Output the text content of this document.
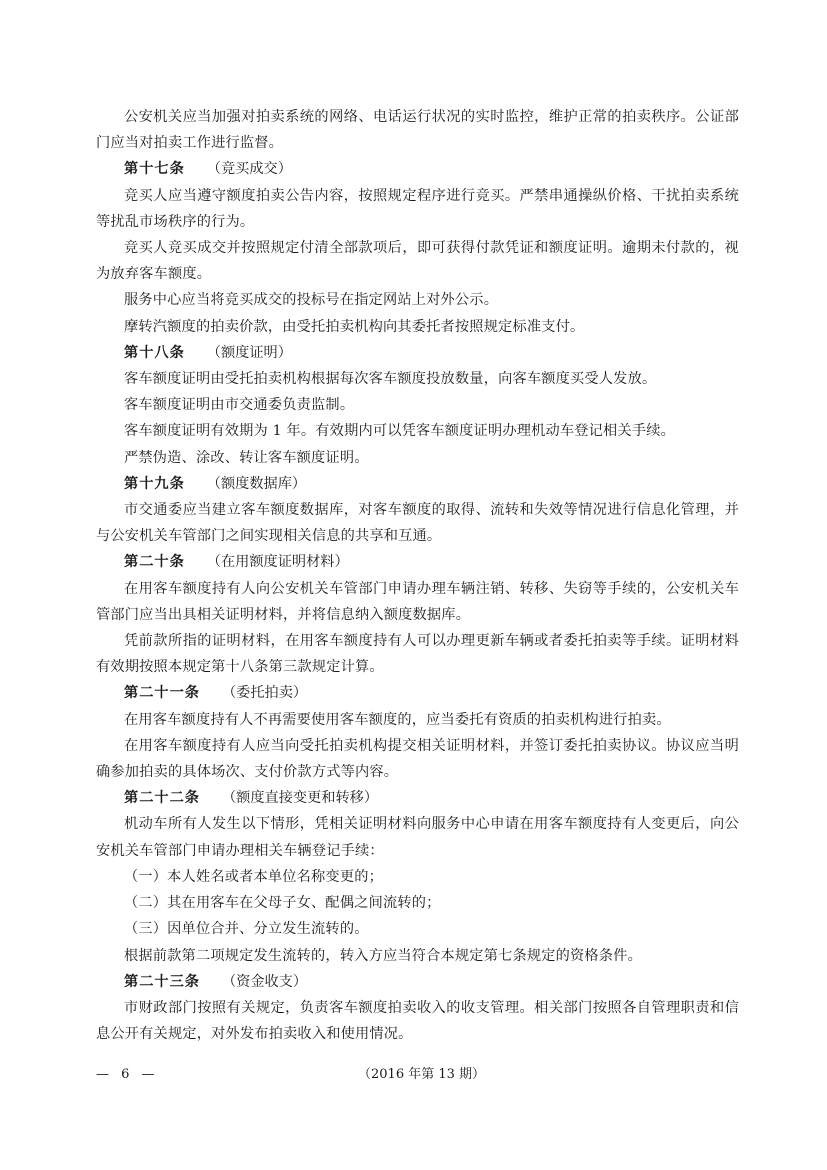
公安机关应当加强对拍卖系统的网络、电话运行状况的实时监控，维护正常的拍卖秩序。公证部门应当对拍卖工作进行监督。

第十七条 （竞买成交）

竞买人应当遵守额度拍卖公告内容，按照规定程序进行竞买。严禁串通操纵价格、干扰拍卖系统等扰乱市场秩序的行为。

竞买人竞买成交并按照规定付清全部款项后，即可获得付款凭证和额度证明。逾期未付款的，视为放弃客车额度。

服务中心应当将竞买成交的投标号在指定网站上对外公示。

摩转汽额度的拍卖价款，由受托拍卖机构向其委托者按照规定标准支付。

第十八条 （额度证明）

客车额度证明由受托拍卖机构根据每次客车额度投放数量，向客车额度买受人发放。

客车额度证明由市交通委负责监制。

客车额度证明有效期为 1 年。有效期内可以凭客车额度证明办理机动车登记相关手续。

严禁伪造、涂改、转让客车额度证明。

第十九条 （额度数据库）

市交通委应当建立客车额度数据库，对客车额度的取得、流转和失效等情况进行信息化管理，并与公安机关车管部门之间实现相关信息的共享和互通。

第二十条 （在用额度证明材料）

在用客车额度持有人向公安机关车管部门申请办理车辆注销、转移、失窃等手续的，公安机关车管部门应当出具相关证明材料，并将信息纳入额度数据库。

凭前款所指的证明材料，在用客车额度持有人可以办理更新车辆或者委托拍卖等手续。证明材料有效期按照本规定第十八条第三款规定计算。

第二十一条 （委托拍卖）

在用客车额度持有人不再需要使用客车额度的，应当委托有资质的拍卖机构进行拍卖。

在用客车额度持有人应当向受托拍卖机构提交相关证明材料，并签订委托拍卖协议。协议应当明确参加拍卖的具体场次、支付价款方式等内容。

第二十二条 （额度直接变更和转移）

机动车所有人发生以下情形，凭相关证明材料向服务中心申请在用客车额度持有人变更后，向公安机关车管部门申请办理相关车辆登记手续：

（一）本人姓名或者本单位名称变更的；

（二）其在用客车在父母子女、配偶之间流转的；

（三）因单位合并、分立发生流转的。

根据前款第二项规定发生流转的，转入方应当符合本规定第七条规定的资格条件。

第二十三条 （资金收支）

市财政部门按照有关规定，负责客车额度拍卖收入的收支管理。相关部门按照各自管理职责和信息公开有关规定，对外发布拍卖收入和使用情况。

— 6 —	（2016 年第 13 期）
